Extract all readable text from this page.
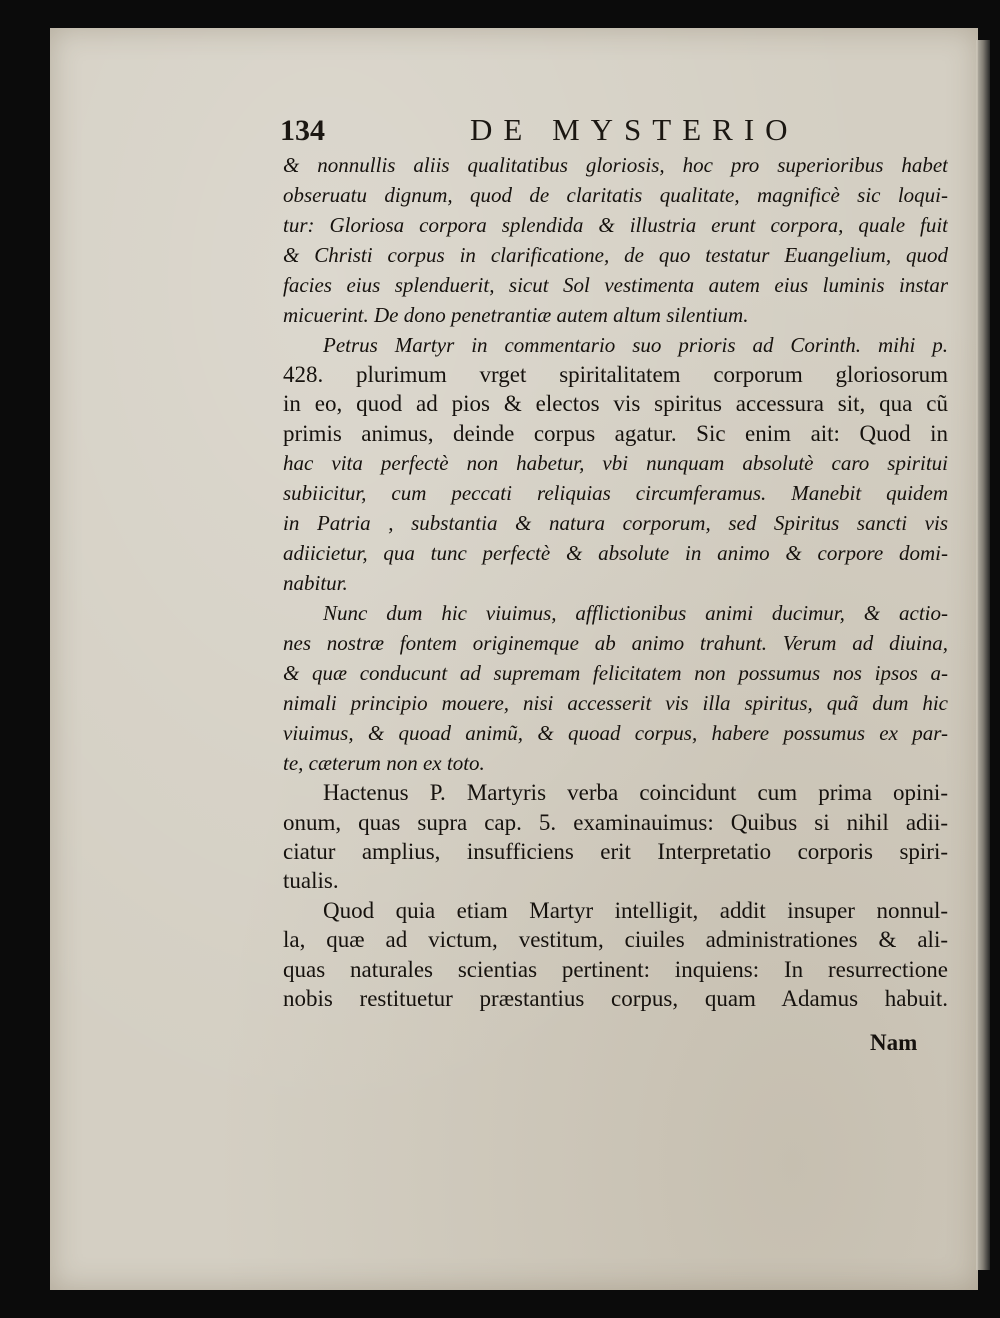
134	DE MYSTERIO
& nonnullis aliis qualitatibus gloriosis, hoc pro superioribus habet
obseruatu dignum, quod de claritatis qualitate, magnificè sic loqui-
tur: Gloriosa corpora splendida & illustria erunt corpora, quale fuit
& Christi corpus in clarificatione, de quo testatur Euangelium, quod
facies eius splenduerit, sicut Sol vestimenta autem eius luminis instar
micuerint. De dono penetrantiæ autem altum silentium.
Petrus Martyr in commentario suo prioris ad Corinth. mihi p.
428. plurimum vrget spiritalitatem corporum gloriosorum
in eo, quod ad pios & electos vis spiritus accessura sit, qua cũ
primis animus, deinde corpus agatur. Sic enim ait: Quod in
hac vita perfectè non habetur, vbi nunquam absolutè caro spiritui
subiicitur, cum peccati reliquias circumferamus. Manebit quidem
in Patria , substantia & natura corporum, sed Spiritus sancti vis
adiicietur, qua tunc perfectè & absolute in animo & corpore domi-
nabitur.
Nunc dum hic viuimus, afflictionibus animi ducimur, & actio-
nes nostræ fontem originemque ab animo trahunt. Verum ad diuina,
& quæ conducunt ad supremam felicitatem non possumus nos ipsos a-
nimali principio mouere, nisi accesserit vis illa spiritus, quã dum hic
viuimus, & quoad animũ, & quoad corpus, habere possumus ex par-
te, cæterum non ex toto.
Hactenus P. Martyris verba coincidunt cum prima opini-
onum, quas supra cap. 5. examinauimus: Quibus si nihil adii-
ciatur amplius, insufficiens erit Interpretatio corporis spiri-
tualis.
Quod quia etiam Martyr intelligit, addit insuper nonnul-
la, quæ ad victum, vestitum, ciuiles administrationes & ali-
quas naturales scientias pertinent: inquiens: In resurrectione
nobis restituetur præstantius corpus, quam Adamus habuit.
Nam
